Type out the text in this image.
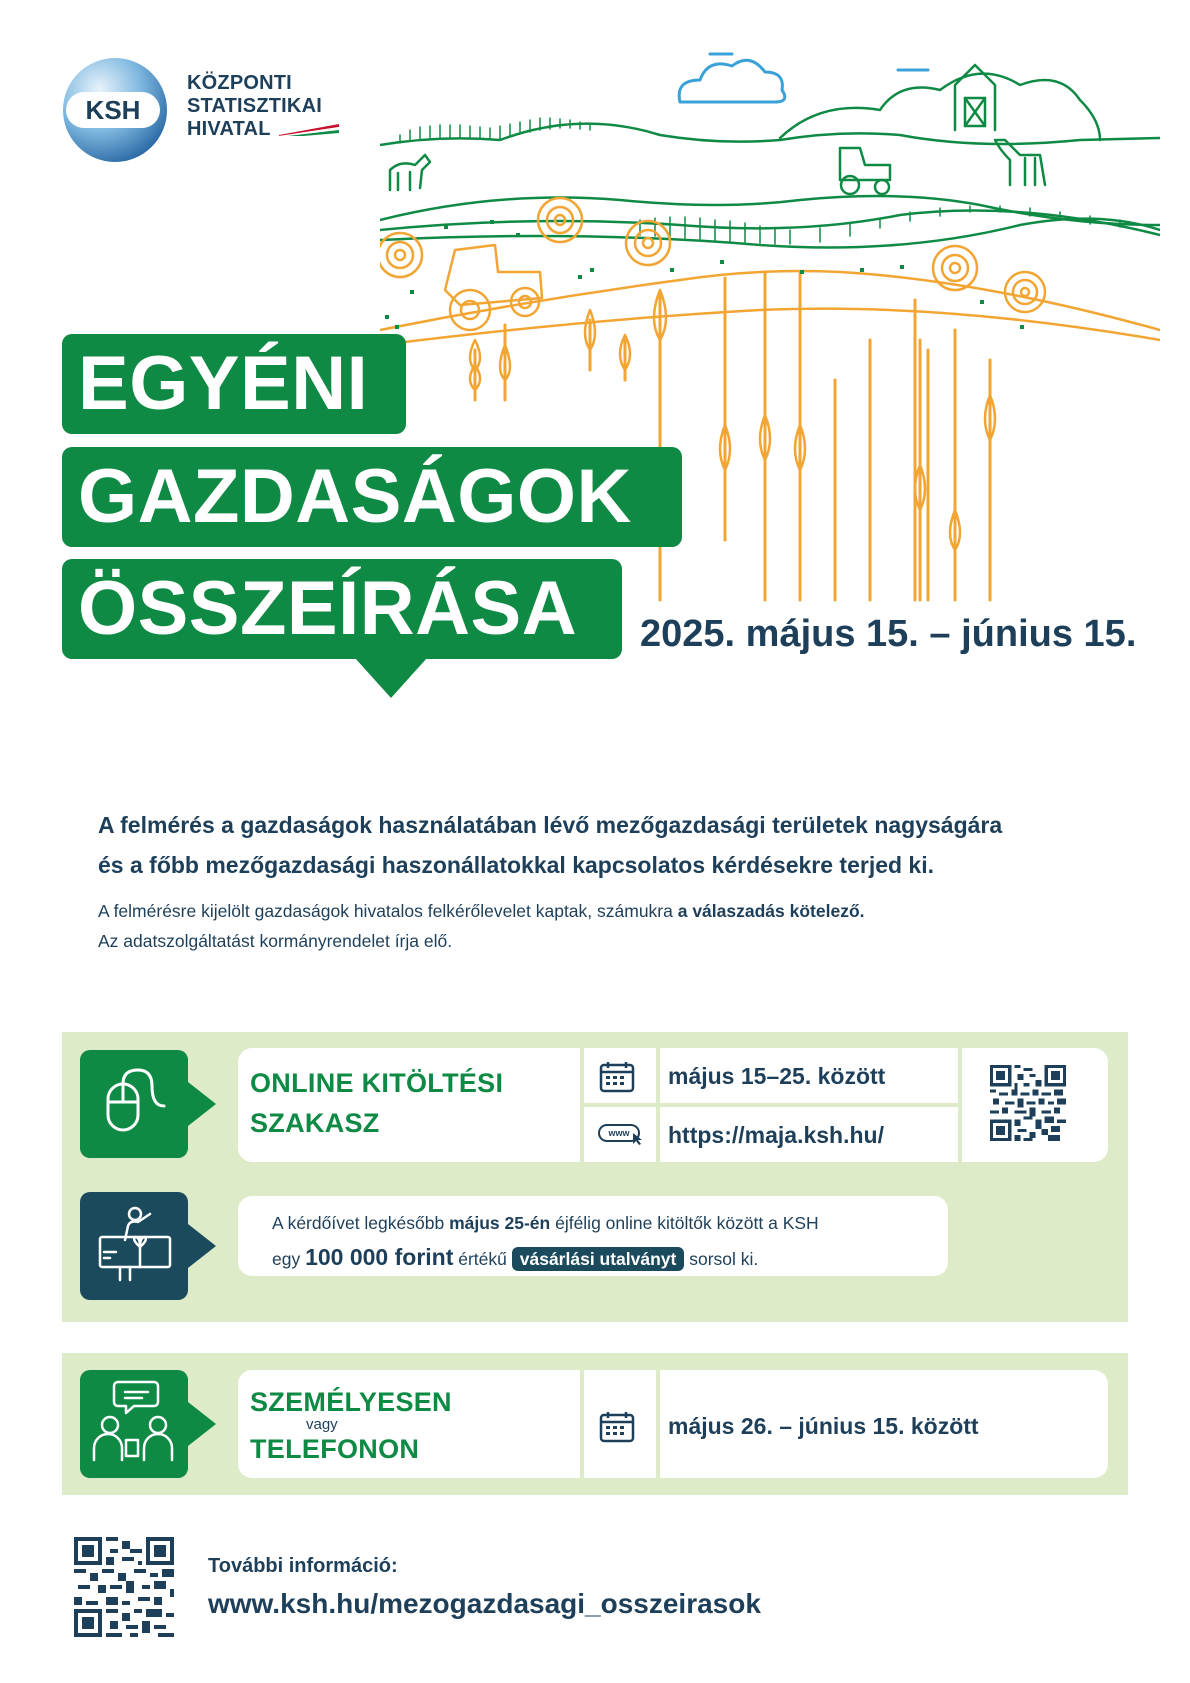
KSH
KÖZPONTI
STATISZTIKAI
HIVATAL
EGYÉNI
GAZDASÁGOK
ÖSSZEÍRÁSA	2025. május 15. – június 15.
A felmérés a gazdaságok használatában lévő mezőgazdasági területek nagyságára
és a főbb mezőgazdasági haszonállatokkal kapcsolatos kérdésekre terjed ki.
A felmérésre kijelölt gazdaságok hivatalos felkérőlevelet kaptak, számukra a válaszadás kötelező.
Az adatszolgáltatást kormányrendelet írja elő.
ONLINE KITÖLTÉSI
SZAKASZ
május 15–25. között
www	https://maja.ksh.hu/
A kérdőívet legkésőbb május 25-én éjfélig online kitöltők között a KSH
egy 100 000 forint értékű vásárlási utalványt sorsol ki.
SZEMÉLYESEN
vagy
TELEFONON
május 26. – június 15. között
További információ:
www.ksh.hu/mezogazdasagi_osszeirasok
